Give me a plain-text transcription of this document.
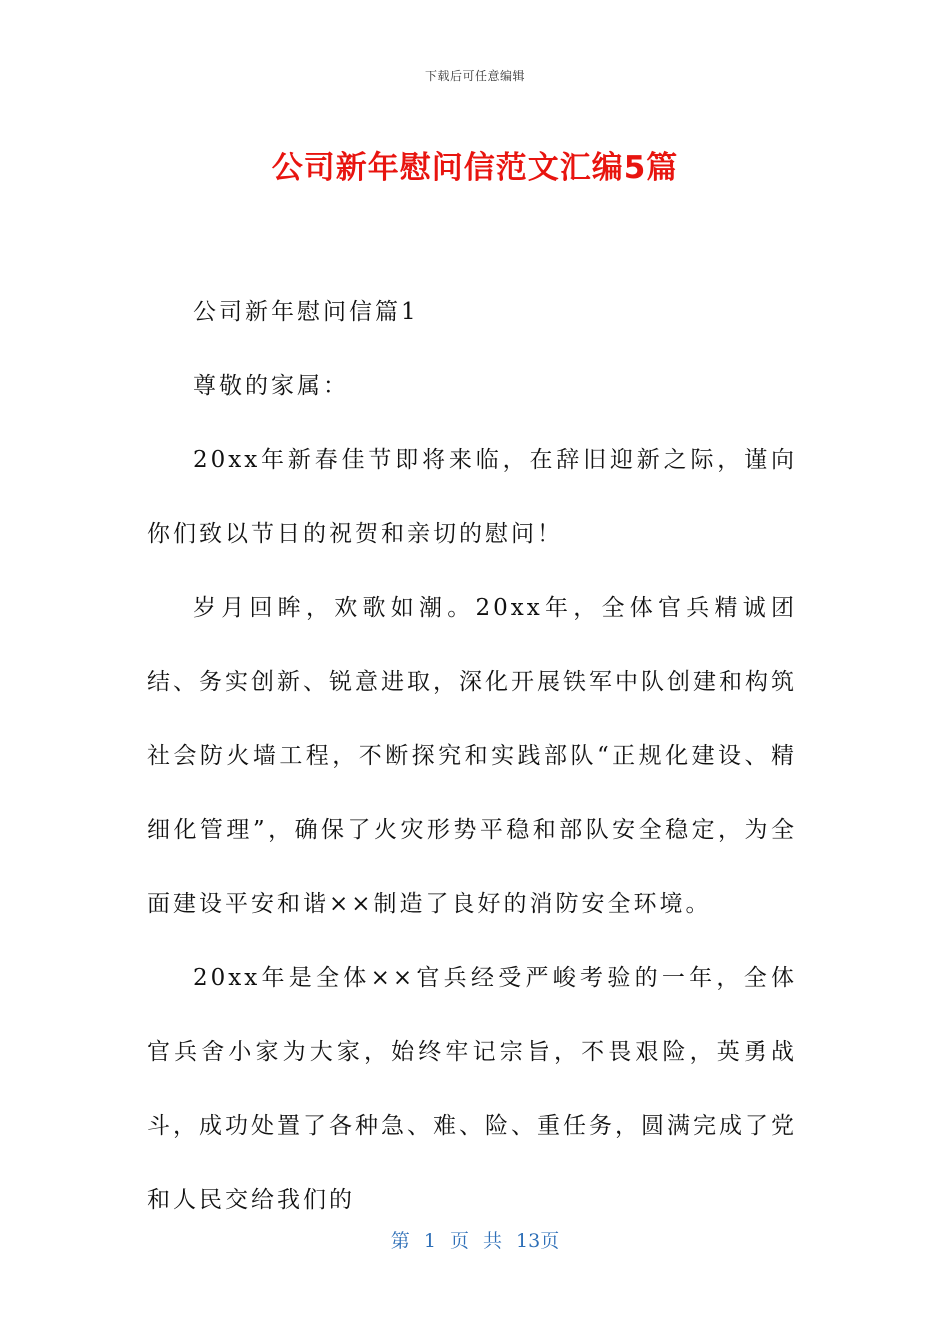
下载后可任意编辑
公司新年慰问信范文汇编5篇

公司新年慰问信篇1

尊敬的家属：

20xx年新春佳节即将来临，在辞旧迎新之际，谨向你们致以节日的祝贺和亲切的慰问！

岁月回眸，欢歌如潮。20xx年，全体官兵精诚团结、务实创新、锐意进取，深化开展铁军中队创建和构筑社会防火墙工程，不断探究和实践部队“正规化建设、精细化管理”，确保了火灾形势平稳和部队安全稳定，为全面建设平安和谐××制造了良好的消防安全环境。

20xx年是全体××官兵经受严峻考验的一年，全体官兵舍小家为大家，始终牢记宗旨，不畏艰险，英勇战斗，成功处置了各种急、难、险、重任务，圆满完成了党和人民交给我们的

第 1 页 共 13页
